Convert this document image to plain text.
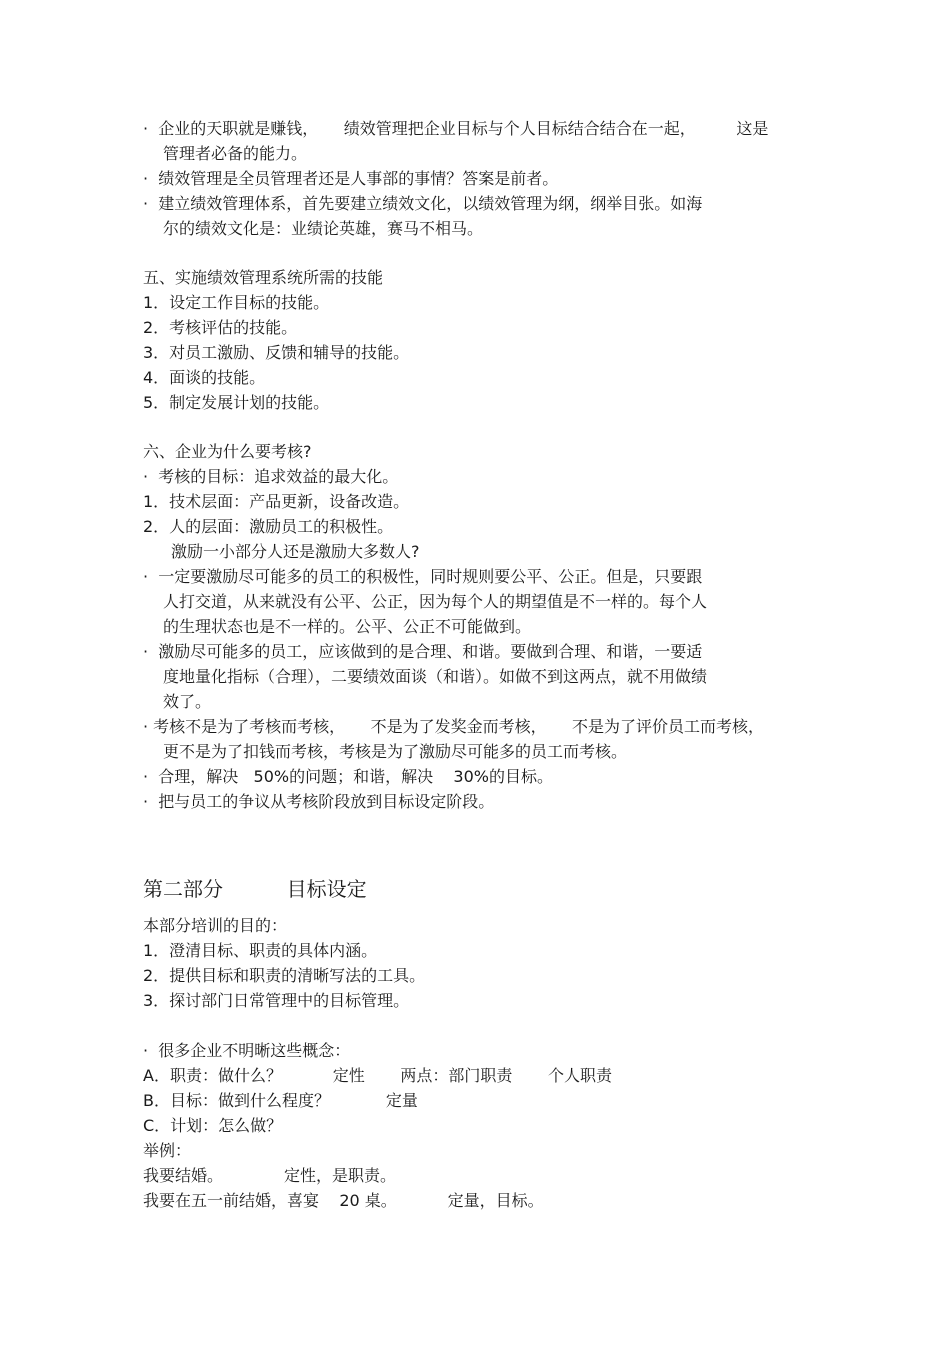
·  企业的天职就是赚钱，     绩效管理把企业目标与个人目标结合结合在一起，        这是
管理者必备的能力。
·  绩效管理是全员管理者还是人事部的事情？答案是前者。
·  建立绩效管理体系，首先要建立绩效文化，以绩效管理为纲，纲举目张。如海
尔的绩效文化是：业绩论英雄，赛马不相马。
五、实施绩效管理系统所需的技能
1．设定工作目标的技能。
2．考核评估的技能。
3．对员工激励、反馈和辅导的技能。
4．面谈的技能。
5．制定发展计划的技能。
六、企业为什么要考核?
·  考核的目标：追求效益的最大化。
1．技术层面：产品更新，设备改造。
2．人的层面：激励员工的积极性。
激励一小部分人还是激励大多数人?
·  一定要激励尽可能多的员工的积极性，同时规则要公平、公正。但是，只要跟
人打交道，从来就没有公平、公正，因为每个人的期望值是不一样的。每个人
的生理状态也是不一样的。公平、公正不可能做到。
·  激励尽可能多的员工，应该做到的是合理、和谐。要做到合理、和谐，一要适
度地量化指标（合理），二要绩效面谈（和谐）。如做不到这两点，就不用做绩
效了。
· 考核不是为了考核而考核，     不是为了发奖金而考核，     不是为了评价员工而考核，
更不是为了扣钱而考核，考核是为了激励尽可能多的员工而考核。
·  合理，解决   50%的问题；和谐，解决    30%的目标。
·  把与员工的争议从考核阶段放到目标设定阶段。
第二部分          目标设定
本部分培训的目的：
1．澄清目标、职责的具体内涵。
2．提供目标和职责的清晰写法的工具。
3．探讨部门日常管理中的目标管理。
·  很多企业不明晰这些概念：
A．职责：做什么？          定性       两点：部门职责       个人职责
B．目标：做到什么程度？           定量
C．计划：怎么做？
举例：
我要结婚。            定性，是职责。
我要在五一前结婚，喜宴    20 桌。          定量，目标。
